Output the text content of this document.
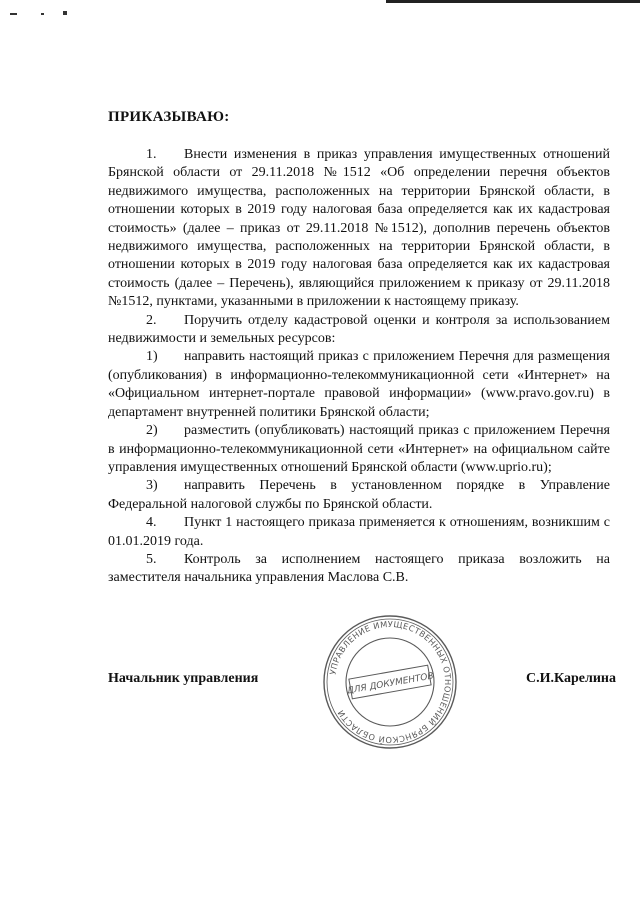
ПРИКАЗЫВАЮ:

1. Внести изменения в приказ управления имущественных отношений Брянской области от 29.11.2018 №1512 «Об определении перечня объектов недвижимого имущества, расположенных на территории Брянской области, в отношении которых в 2019 году налоговая база определяется как их кадастровая стоимость» (далее – приказ от 29.11.2018 №1512), дополнив перечень объектов недвижимого имущества, расположенных на территории Брянской области, в отношении которых в 2019 году налоговая база определяется как их кадастровая стоимость (далее – Перечень), являющийся приложением к приказу от 29.11.2018 №1512, пунктами, указанными в приложении к настоящему приказу.

2. Поручить отделу кадастровой оценки и контроля за использованием недвижимости и земельных ресурсов:

1) направить настоящий приказ с приложением Перечня для размещения (опубликования) в информационно-телекоммуникационной сети «Интернет» на «Официальном интернет-портале правовой информации» (www.pravo.gov.ru) в департамент внутренней политики Брянской области;

2) разместить (опубликовать) настоящий приказ с приложением Перечня в информационно-телекоммуникационной сети «Интернет» на официальном сайте управления имущественных отношений Брянской области (www.uprio.ru);

3) направить Перечень в установленном порядке в Управление Федеральной налоговой службы по Брянской области.

4. Пункт 1 настоящего приказа применяется к отношениям, возникшим с 01.01.2019 года.

5. Контроль за исполнением настоящего приказа возложить на заместителя начальника управления Маслова С.В.

Начальник управления	УПРАВЛЕНИЕ ИМУЩЕСТВЕННЫХ ОТНОШЕНИЙ БРЯНСКОЙ ОБЛАСТИ
ДЛЯ ДОКУМЕНТОВ	С.И.Карелина
